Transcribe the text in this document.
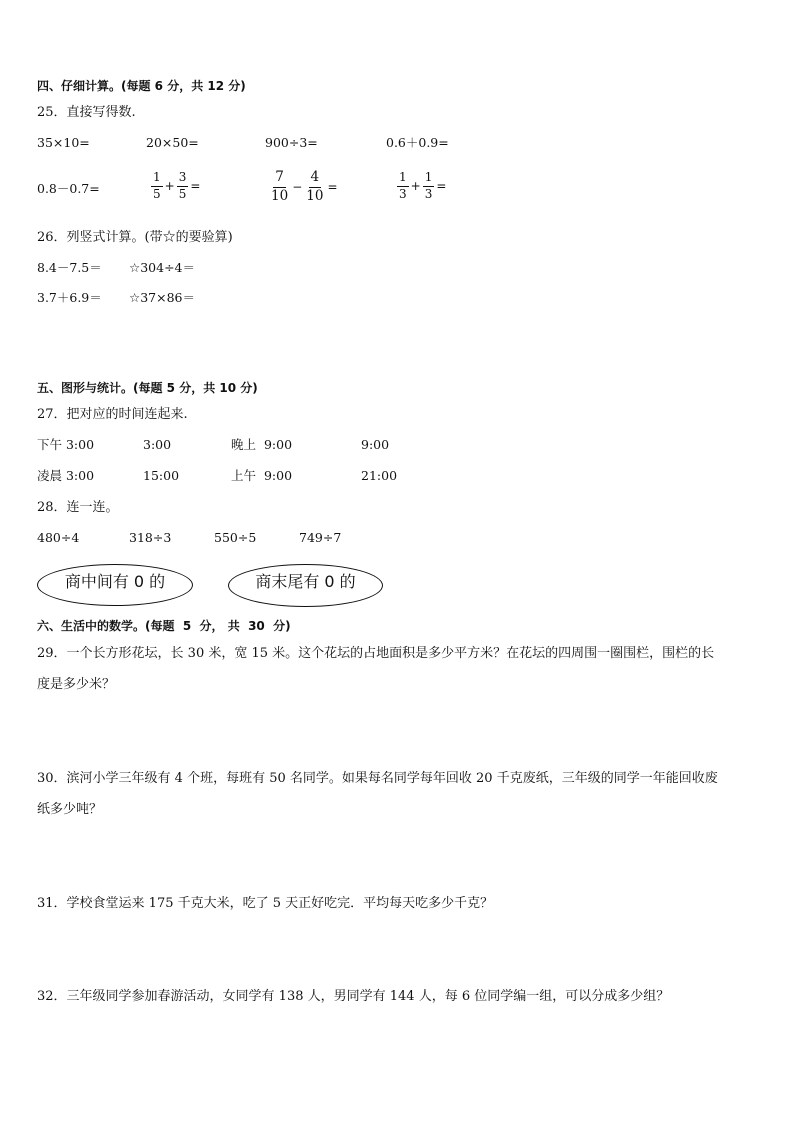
四、仔细计算。(每题 6 分，共 12 分)
25．直接写得数.
35×10=	20×50=	900÷3=	0.6＋0.9=
0.8－0.7=	$\frac{1}{5} + \frac{3}{5}$ =	$\frac{7}{10} - \frac{4}{10}$ =	$\frac{1}{3} + \frac{1}{3}$ =
26．列竖式计算。(带☆的要验算)
8.4－7.5＝ ☆304÷4＝
3.7＋6.9＝ ☆37×86＝
五、图形与统计。(每题 5 分，共 10 分)
27．把对应的时间连起来.
下午 3:00	3:00	晚上  9:00	9:00
凌晨 3:00	15:00	上午  9:00	21:00
28．连一连。
480÷4	318÷3	550÷5	749÷7
商中间有 0 的	商末尾有 0 的
六、生活中的数学。(每题  5  分， 共  30  分)
29．一个长方形花坛，长 30 米，宽 15 米。这个花坛的占地面积是多少平方米？在花坛的四周围一圈围栏，围栏的长
度是多少米？
30．滨河小学三年级有 4 个班，每班有 50 名同学。如果每名同学每年回收 20 千克废纸，三年级的同学一年能回收废
纸多少吨？
31．学校食堂运来 175 千克大米，吃了 5 天正好吃完．平均每天吃多少千克？
32．三年级同学参加春游活动，女同学有 138 人，男同学有 144 人，每 6 位同学编一组，可以分成多少组？
